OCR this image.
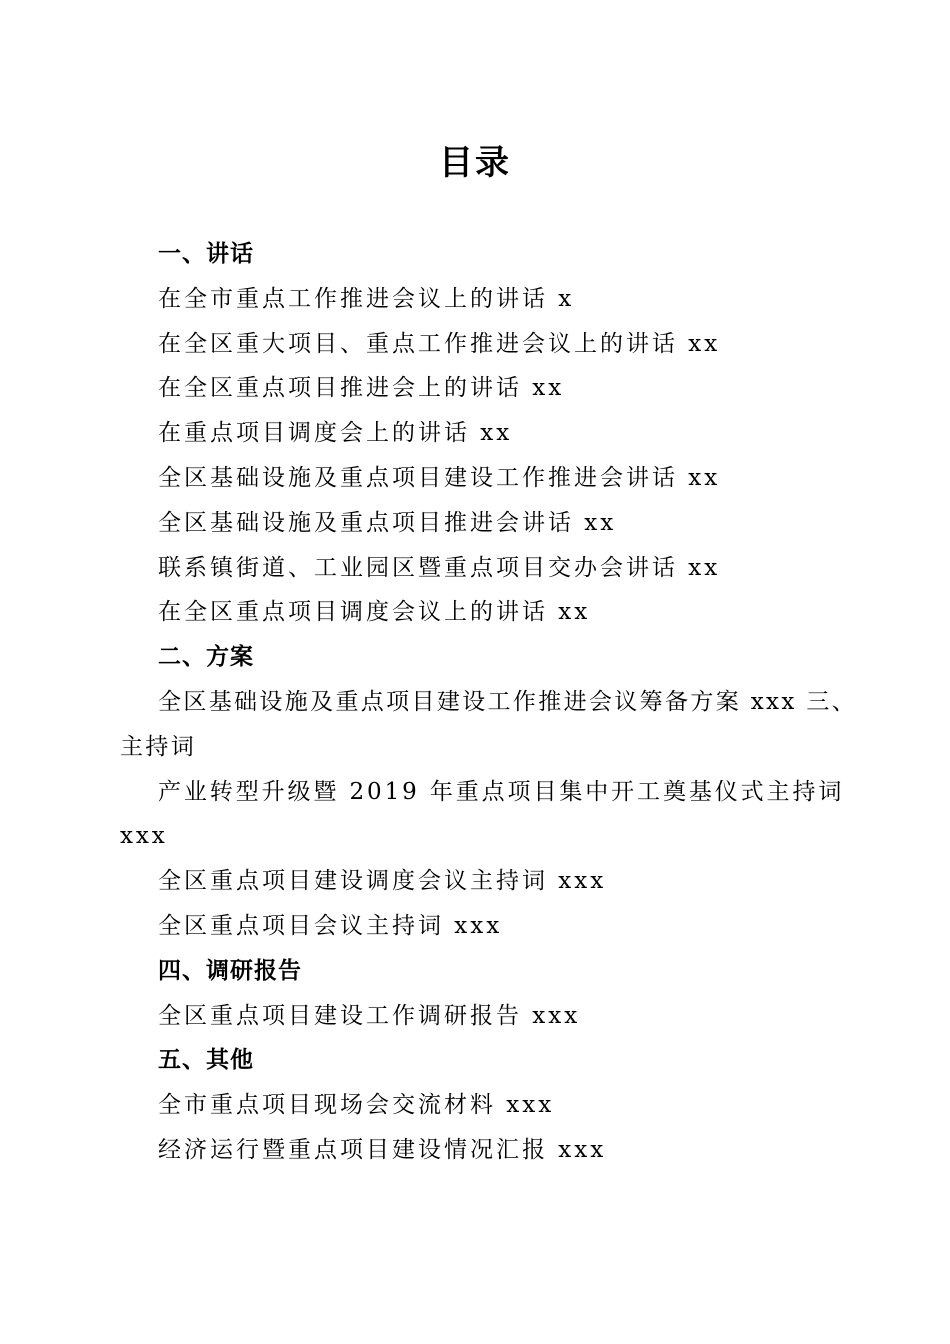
目录
一、讲话
在全市重点工作推进会议上的讲话 x
在全区重大项目、重点工作推进会议上的讲话 xx
在全区重点项目推进会上的讲话 xx
在重点项目调度会上的讲话 xx
全区基础设施及重点项目建设工作推进会讲话 xx
全区基础设施及重点项目推进会讲话 xx
联系镇街道、工业园区暨重点项目交办会讲话 xx
在全区重点项目调度会议上的讲话 xx
二、方案
全区基础设施及重点项目建设工作推进会议筹备方案 xxx 三、主持词
产业转型升级暨 2019 年重点项目集中开工奠基仪式主持词 xxx
全区重点项目建设调度会议主持词 xxx
全区重点项目会议主持词 xxx
四、调研报告
全区重点项目建设工作调研报告 xxx
五、其他
全市重点项目现场会交流材料 xxx
经济运行暨重点项目建设情况汇报 xxx
